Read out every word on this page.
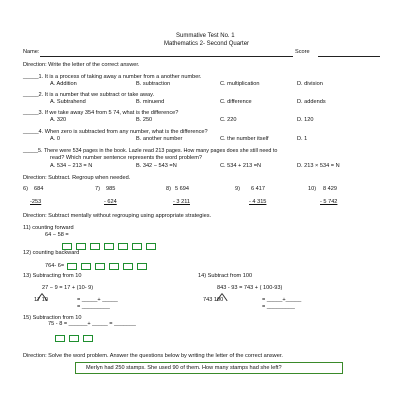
Summative Test No. 1
Mathematics 2- Second Quarter
Name:	Score
Direction: Write the letter of the correct answer.
_____1. It is a process of taking away a number from a another number.
A. Addition	B. subtraction	C. multiplication	D. division
_____2. It is a number that we subtract or take away.
A. Subtrahend	B. minuend	C. difference	D. addends
_____3. If we take away 354 from 5 74, what is the difference?
A. 320	B. 250	C. 220	D. 120
_____4. When zero is subtracted from any number, what is the difference?
A. 0	B. another number	C. the number itself	D. 1
_____5. There were 534 pages in the book. Lazle read 213 pages. How many pages does she still need to
read? Which number sentence represents the word problem?
A. 534 − 213 = N	B. 342 − 543 =N	C. 534 + 213 =N	D. 213 × 534 = N
Direction: Subtract. Regroup when needed.
6) 684
-253
7) 985
- 624
8) 5 694
- 3 211
9) 6 417
- 4 315
10) 8 429
- 5 742
Direction: Subtract mentally without regrouping using appropriate strategies.
11) counting forward
64 − 58 =
12) counting backward
764- 6=
13) Subtracting from 10
27 − 9 = 17 + (10- 9)
17 10	= _____+ _____
= _________
14) Subtract from 100
843 - 93 = 743 + ( 100-93)
743 100	= _____+_____
= _________
15) Subtraction from 10
75 - 8 = ______+ _____ = _______
Direction: Solve the word problem. Answer the questions below by writing the letter of the correct answer.
Merlyn had 250 stamps. She used 90 of them. How many stamps had she left?
